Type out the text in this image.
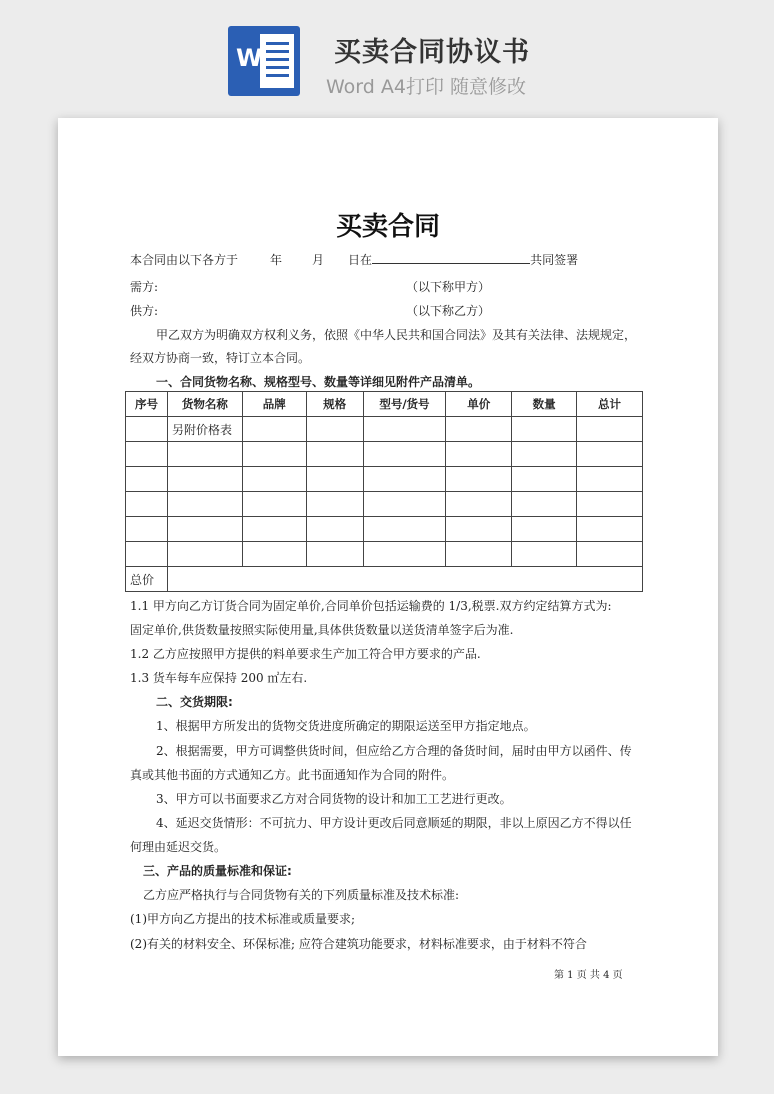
W	买卖合同协议书
Word A4打印 随意修改
买卖合同
本合同由以下各方于	年	月 日在	共同签署
需方:	（以下称甲方）
供方:	（以下称乙方）
甲乙双方为明确双方权利义务，依照《中华人民共和国合同法》及其有关法律、法规规定，
经双方协商一致，特订立本合同。
一、合同货物名称、规格型号、数量等详细见附件产品清单。
序号	货物名称	品牌	规格	型号/货号	单价	数量	总计
	另附价格表						

总价							
1.1 甲方向乙方订货合同为固定单价,合同单价包括运输费的 1/3,税票.双方约定结算方式为:
固定单价,供货数量按照实际使用量,具体供货数量以送货清单签字后为准.
1.2 乙方应按照甲方提供的料单要求生产加工符合甲方要求的产品.
1.3 货车每车应保持 200 ㎡左右.
二、交货期限:
1、根据甲方所发出的货物交货进度所确定的期限运送至甲方指定地点。
2、根据需要，甲方可调整供货时间，但应给乙方合理的备货时间，届时由甲方以函件、传
真或其他书面的方式通知乙方。此书面通知作为合同的附件。
3、甲方可以书面要求乙方对合同货物的设计和加工工艺进行更改。
4、延迟交货情形：不可抗力、甲方设计更改后同意顺延的期限，非以上原因乙方不得以任
何理由延迟交货。
三、产品的质量标准和保证:
乙方应严格执行与合同货物有关的下列质量标准及技术标准:
(1)甲方向乙方提出的技术标准或质量要求;
(2)有关的材料安全、环保标准; 应符合建筑功能要求，材料标准要求，由于材料不符合
第 1 页 共 4 页
